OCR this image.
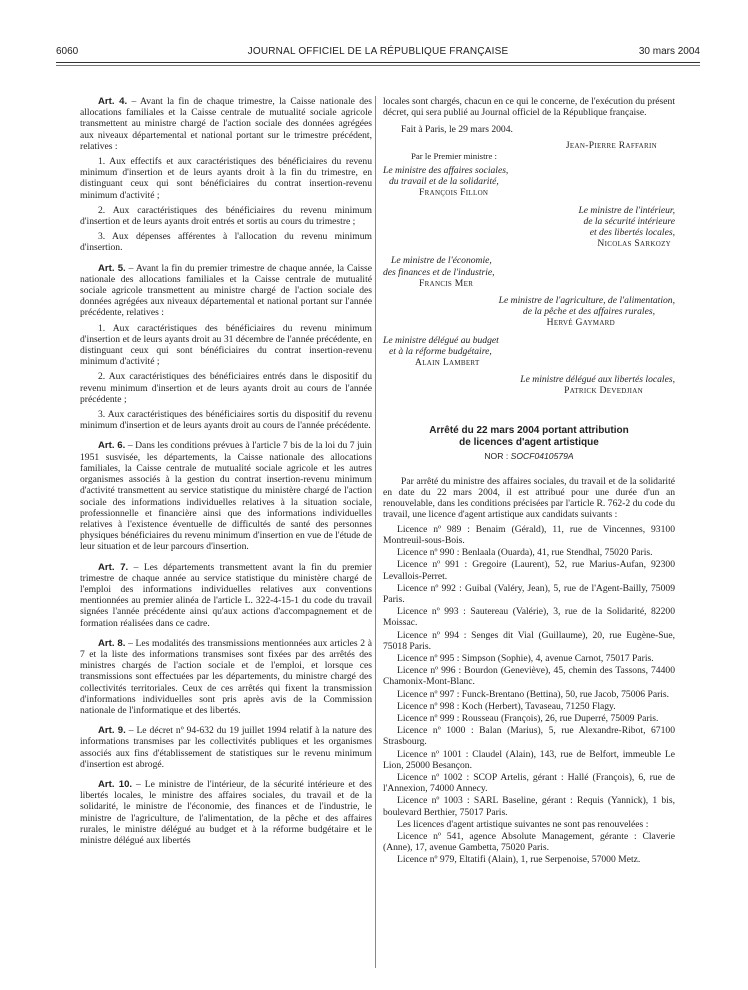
6060	JOURNAL OFFICIEL DE LA RÉPUBLIQUE FRANÇAISE	30 mars 2004

Art. 4. – Avant la fin de chaque trimestre, la Caisse nationale des allocations familiales et la Caisse centrale de mutualité sociale agricole transmettent au ministre chargé de l'action sociale des données agrégées aux niveaux départemental et national portant sur le trimestre précédent, relatives :

1. Aux effectifs et aux caractéristiques des bénéficiaires du revenu minimum d'insertion et de leurs ayants droit à la fin du trimestre, en distinguant ceux qui sont bénéficiaires du contrat insertion-revenu minimum d'activité ;

2. Aux caractéristiques des bénéficiaires du revenu minimum d'insertion et de leurs ayants droit entrés et sortis au cours du trimestre ;

3. Aux dépenses afférentes à l'allocation du revenu minimum d'insertion.

Art. 5. – Avant la fin du premier trimestre de chaque année, la Caisse nationale des allocations familiales et la Caisse centrale de mutualité sociale agricole transmettent au ministre chargé de l'action sociale des données agrégées aux niveaux départemental et national portant sur l'année précédente, relatives :

1. Aux caractéristiques des bénéficiaires du revenu minimum d'insertion et de leurs ayants droit au 31 décembre de l'année précédente, en distinguant ceux qui sont bénéficiaires du contrat insertion-revenu minimum d'activité ;

2. Aux caractéristiques des bénéficiaires entrés dans le dispositif du revenu minimum d'insertion et de leurs ayants droit au cours de l'année précédente ;

3. Aux caractéristiques des bénéficiaires sortis du dispositif du revenu minimum d'insertion et de leurs ayants droit au cours de l'année précédente.

Art. 6. – Dans les conditions prévues à l'article 7 bis de la loi du 7 juin 1951 susvisée, les départements, la Caisse nationale des allocations familiales, la Caisse centrale de mutualité sociale agricole et les autres organismes associés à la gestion du contrat insertion-revenu minimum d'activité transmettent au service statistique du ministère chargé de l'action sociale des informations individuelles relatives à la situation sociale, professionnelle et financière ainsi que des informations individuelles relatives à l'existence éventuelle de difficultés de santé des personnes physiques bénéficiaires du revenu minimum d'insertion en vue de l'étude de leur situation et de leur parcours d'insertion.

Art. 7. – Les départements transmettent avant la fin du premier trimestre de chaque année au service statistique du ministère chargé de l'emploi des informations individuelles relatives aux conventions mentionnées au premier alinéa de l'article L. 322-4-15-1 du code du travail signées l'année précédente ainsi qu'aux actions d'accompagnement et de formation réalisées dans ce cadre.

Art. 8. – Les modalités des transmissions mentionnées aux articles 2 à 7 et la liste des informations transmises sont fixées par des arrêtés des ministres chargés de l'action sociale et de l'emploi, et lorsque ces transmissions sont effectuées par les départements, du ministre chargé des collectivités territoriales. Ceux de ces arrêtés qui fixent la transmission d'informations individuelles sont pris après avis de la Commission nationale de l'informatique et des libertés.

Art. 9. – Le décret nº 94-632 du 19 juillet 1994 relatif à la nature des informations transmises par les collectivités publiques et les organismes associés aux fins d'établissement de statistiques sur le revenu minimum d'insertion est abrogé.

Art. 10. – Le ministre de l'intérieur, de la sécurité intérieure et des libertés locales, le ministre des affaires sociales, du travail et de la solidarité, le ministre de l'économie, des finances et de l'industrie, le ministre de l'agriculture, de l'alimentation, de la pêche et des affaires rurales, le ministre délégué au budget et à la réforme budgétaire et le ministre délégué aux libertés

locales sont chargés, chacun en ce qui le concerne, de l'exécution du présent décret, qui sera publié au Journal officiel de la République française.

Fait à Paris, le 29 mars 2004.

Jean-Pierre Raffarin
Par le Premier ministre :
Le ministre des affaires sociales,
du travail et de la solidarité,
François Fillon
Le ministre de l'intérieur,
de la sécurité intérieure
et des libertés locales,
Nicolas Sarkozy
Le ministre de l'économie,
des finances et de l'industrie,
Francis Mer
Le ministre de l'agriculture, de l'alimentation,
de la pêche et des affaires rurales,
Hervé Gaymard
Le ministre délégué au budget
et à la réforme budgétaire,
Alain Lambert
Le ministre délégué aux libertés locales,
Patrick Devedjian
Arrêté du 22 mars 2004 portant attribution
de licences d'agent artistique
NOR : SOCF0410579A

Par arrêté du ministre des affaires sociales, du travail et de la solidarité en date du 22 mars 2004, il est attribué pour une durée d'un an renouvelable, dans les conditions précisées par l'article R. 762-2 du code du travail, une licence d'agent artistique aux candidats suivants :

Licence nº 989 : Benaim (Gérald), 11, rue de Vincennes, 93100 Montreuil-sous-Bois.

Licence nº 990 : Benlaala (Ouarda), 41, rue Stendhal, 75020 Paris.

Licence nº 991 : Gregoire (Laurent), 52, rue Marius-Aufan, 92300 Levallois-Perret.

Licence nº 992 : Guibal (Valéry, Jean), 5, rue de l'Agent-Bailly, 75009 Paris.

Licence nº 993 : Sautereau (Valérie), 3, rue de la Solidarité, 82200 Moissac.

Licence nº 994 : Senges dit Vial (Guillaume), 20, rue Eugène-Sue, 75018 Paris.

Licence nº 995 : Simpson (Sophie), 4, avenue Carnot, 75017 Paris.

Licence nº 996 : Bourdon (Geneviève), 45, chemin des Tassons, 74400 Chamonix-Mont-Blanc.

Licence nº 997 : Funck-Brentano (Bettina), 50, rue Jacob, 75006 Paris.

Licence nº 998 : Koch (Herbert), Tavaseau, 71250 Flagy.

Licence nº 999 : Rousseau (François), 26, rue Duperré, 75009 Paris.

Licence nº 1000 : Balan (Marius), 5, rue Alexandre-Ribot, 67100 Strasbourg.

Licence nº 1001 : Claudel (Alain), 143, rue de Belfort, immeuble Le Lion, 25000 Besançon.

Licence nº 1002 : SCOP Artelis, gérant : Hallé (François), 6, rue de l'Annexion, 74000 Annecy.

Licence nº 1003 : SARL Baseline, gérant : Requis (Yannick), 1 bis, boulevard Berthier, 75017 Paris.

Les licences d'agent artistique suivantes ne sont pas renouvelées :

Licence nº 541, agence Absolute Management, gérante : Claverie (Anne), 17, avenue Gambetta, 75020 Paris.

Licence nº 979, Eltatifi (Alain), 1, rue Serpenoise, 57000 Metz.
